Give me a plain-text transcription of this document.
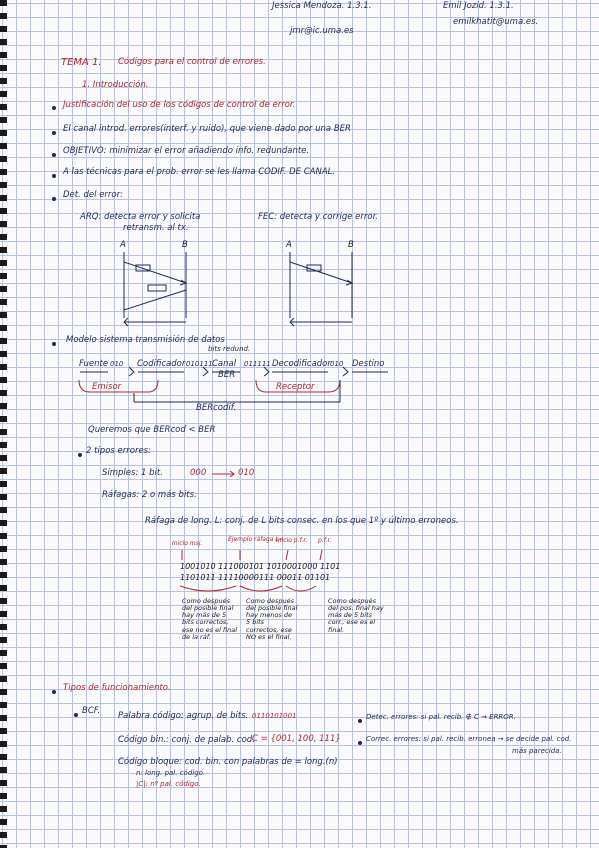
Jessica Mendoza. 1.3.1.
jmr@ic.uma.es
Emil Jozid. 1.3.1.
emilkhatit@uma.es.
TEMA 1. Códigos para el control de errores.
1. Introducción.
Justificación del uso de los códigos de control de error.
El canal introd. errores(interf. y ruido), que viene dado por una BER
OBJETIVO: minimizar el error añadiendo info. redundante.
A las técnicas para el prob. error se les llama CODIF. DE CANAL.
Det. del error:
ARQ: detecta error y solicita
retransm. al tx.
FEC: detecta y corrige error.
A	B	A	B
Modelo sistema transmisión de datos
bits redund.
Fuente 010 Codificador 010111 Canal 011111 Decodificador 010 Destino
BER
Emisor	Receptor
BERcodif.
Queremos que BERcod < BER
2 tipos errores:
Simples: 1 bit.	000	010
Ráfagas: 2 o más bits.
Ráfaga de long. L: conj. de L bits consec. en los que 1º y último erroneos.
Inicio msj.
Ejemplo ráfaga L=
Inicio p.f.r. p.f.r.
1001010 111000101 1010001000 1101
1101011 11110000111 00011 01101
Como después del posible final hay más de 5 bits correctos, ese no es el final de la ráf.
Como después del posible final hay menos de 5 bits correctos, ese NO es el final.
Como después del pos. final hay más de 5 bits corr., ese es el final.
Tipos de funcionamiento.
BCF. Palabra código: agrup. de bits. 0110101001
Código bin.: conj. de palab. cod.
C = {001, 100, 111}
Código bloque: cod. bin. con palabras de = long.(n)
n: long. pal. código.
|C|: nº pal. código.
Detec. errores: si pal. recib. ∉ C → ERROR.
Correc. errores: si pal. recib. erronea → se decide pal. cod.
más parecida.
